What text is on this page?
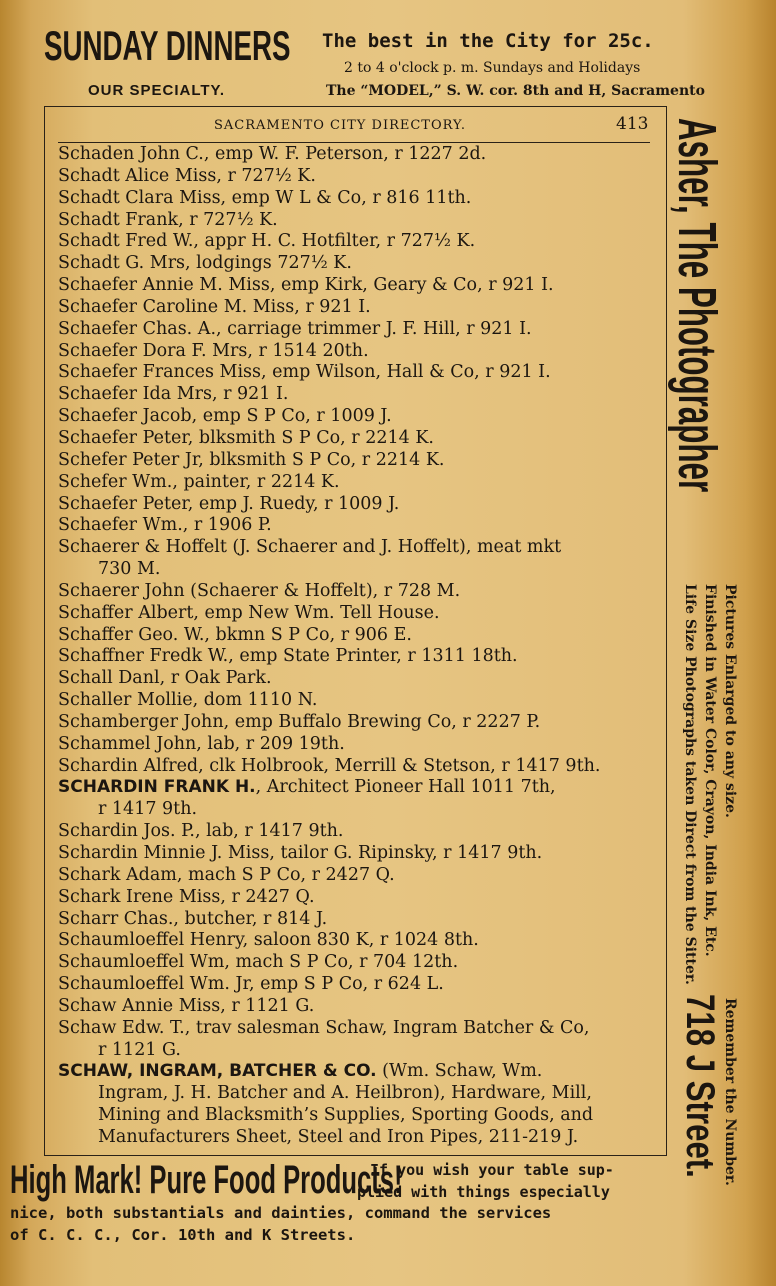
SUNDAY DINNERS
OUR SPECIALTY.
The best in the City for 25c.
2 to 4 o'clock p. m. Sundays and Holidays
The “MODEL,” S. W. cor. 8th and H, Sacramento
SACRAMENTO CITY DIRECTORY.	413
Schaden John C., emp W. F. Peterson, r 1227 2d.
Schadt Alice Miss, r 727½ K.
Schadt Clara Miss, emp W L & Co, r 816 11th.
Schadt Frank, r 727½ K.
Schadt Fred W., appr H. C. Hotfilter, r 727½ K.
Schadt G. Mrs, lodgings 727½ K.
Schaefer Annie M. Miss, emp Kirk, Geary & Co, r 921 I.
Schaefer Caroline M. Miss, r 921 I.
Schaefer Chas. A., carriage trimmer J. F. Hill, r 921 I.
Schaefer Dora F. Mrs, r 1514 20th.
Schaefer Frances Miss, emp Wilson, Hall & Co, r 921 I.
Schaefer Ida Mrs, r 921 I.
Schaefer Jacob, emp S P Co, r 1009 J.
Schaefer Peter, blksmith S P Co, r 2214 K.
Schefer Peter Jr, blksmith S P Co, r 2214 K.
Schefer Wm., painter, r 2214 K.
Schaefer Peter, emp J. Ruedy, r 1009 J.
Schaefer Wm., r 1906 P.
Schaerer & Hoffelt (J. Schaerer and J. Hoffelt), meat mkt
730 M.
Schaerer John (Schaerer & Hoffelt), r 728 M.
Schaffer Albert, emp New Wm. Tell House.
Schaffer Geo. W., bkmn S P Co, r 906 E.
Schaffner Fredk W., emp State Printer, r 1311 18th.
Schall Danl, r Oak Park.
Schaller Mollie, dom 1110 N.
Schamberger John, emp Buffalo Brewing Co, r 2227 P.
Schammel John, lab, r 209 19th.
Schardin Alfred, clk Holbrook, Merrill & Stetson, r 1417 9th.
SCHARDIN FRANK H., Architect Pioneer Hall 1011 7th,
r 1417 9th.
Schardin Jos. P., lab, r 1417 9th.
Schardin Minnie J. Miss, tailor G. Ripinsky, r 1417 9th.
Schark Adam, mach S P Co, r 2427 Q.
Schark Irene Miss, r 2427 Q.
Scharr Chas., butcher, r 814 J.
Schaumloeffel Henry, saloon 830 K, r 1024 8th.
Schaumloeffel Wm, mach S P Co, r 704 12th.
Schaumloeffel Wm. Jr, emp S P Co, r 624 L.
Schaw Annie Miss, r 1121 G.
Schaw Edw. T., trav salesman Schaw, Ingram Batcher & Co,
r 1121 G.
SCHAW, INGRAM, BATCHER & CO. (Wm. Schaw, Wm.
Ingram, J. H. Batcher and A. Heilbron), Hardware, Mill,
Mining and Blacksmith’s Supplies, Sporting Goods, and
Manufacturers Sheet, Steel and Iron Pipes, 211-219 J.
Asher, The Photographer
Pictures Enlarged to any size.
Finished in Water Color, Crayon, India Ink, Etc.
Life Size Photographs taken Direct from the Sitter.
Remember the Number.
718 J Street.
High Mark! Pure Food Products!
If you wish your table sup-
plied with things especially
nice, both substantials and dainties, command the services
of C. C. C., Cor. 10th and K Streets.
